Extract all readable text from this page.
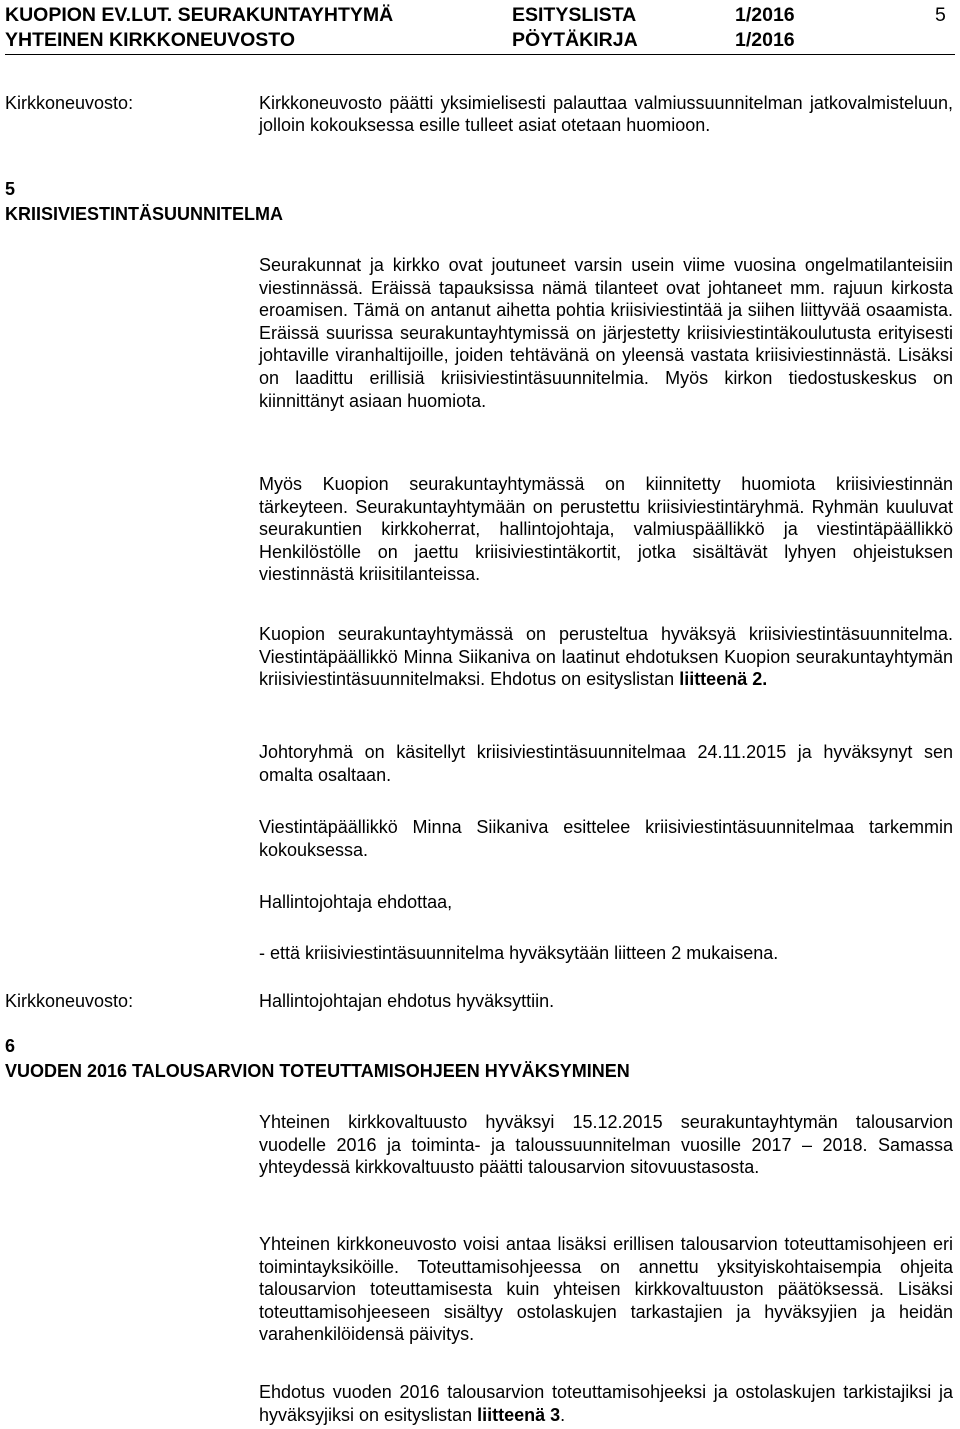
KUOPION EV.LUT. SEURAKUNTAYHTYMÄ
YHTEINEN KIRKKONEUVOSTO
ESITYSLISTA
PÖYTÄKIRJA
1/2016
1/2016
5
Kirkkoneuvosto:	Kirkkoneuvosto päätti yksimielisesti palauttaa valmiussuunnitelman jatkovalmisteluun, jolloin kokouksessa esille tulleet asiat otetaan huomioon.

5
KRIISIVIESTINTÄSUUNNITELMA

Seurakunnat ja kirkko ovat joutuneet varsin usein viime vuosina ongelmatilanteisiin viestinnässä. Eräissä tapauksissa nämä tilanteet ovat johtaneet mm. rajuun kirkosta eroamisen. Tämä on antanut aihetta pohtia kriisiviestintää ja siihen liittyvää osaamista. Eräissä suurissa seurakuntayhtymissä on järjestetty kriisiviestintäkoulutusta erityisesti johtaville viranhaltijoille, joiden tehtävänä on yleensä vastata kriisiviestinnästä. Lisäksi on laadittu erillisiä kriisiviestintäsuunnitelmia. Myös kirkon tiedostuskeskus on kiinnittänyt asiaan huomiota.

Myös Kuopion seurakuntayhtymässä on kiinnitetty huomiota kriisiviestinnän tärkeyteen. Seurakuntayhtymään on perustettu kriisiviestintäryhmä. Ryhmän kuuluvat seurakuntien kirkkoherrat, hallintojohtaja, valmiuspäällikkö ja viestintäpäällikkö Henkilöstölle on jaettu kriisiviestintäkortit, jotka sisältävät lyhyen ohjeistuksen viestinnästä kriisitilanteissa.

Kuopion seurakuntayhtymässä on perusteltua hyväksyä kriisiviestintäsuunnitelma. Viestintäpäällikkö Minna Siikaniva on laatinut ehdotuksen Kuopion seurakuntayhtymän kriisiviestintäsuunnitelmaksi. Ehdotus on esityslistan liitteenä 2.

Johtoryhmä on käsitellyt kriisiviestintäsuunnitelmaa 24.11.2015 ja hyväksynyt sen omalta osaltaan.

Viestintäpäällikkö Minna Siikaniva esittelee kriisiviestintäsuunnitelmaa tarkemmin kokouksessa.

Hallintojohtaja ehdottaa,

- että kriisiviestintäsuunnitelma hyväksytään liitteen 2 mukaisena.

Kirkkoneuvosto:	Hallintojohtajan ehdotus hyväksyttiin.

6
VUODEN 2016 TALOUSARVION TOTEUTTAMISOHJEEN HYVÄKSYMINEN

Yhteinen kirkkovaltuusto hyväksyi 15.12.2015 seurakuntayhtymän talousarvion vuodelle 2016 ja toiminta- ja taloussuunnitelman vuosille 2017 – 2018. Samassa yhteydessä kirkkovaltuusto päätti talousarvion sitovuustasosta.

Yhteinen kirkkoneuvosto voisi antaa lisäksi erillisen talousarvion toteuttamisohjeen eri toimintayksiköille. Toteuttamisohjeessa on annettu yksityiskohtaisempia ohjeita talousarvion toteuttamisesta kuin yhteisen kirkkovaltuuston päätöksessä. Lisäksi toteuttamisohjeeseen sisältyy ostolaskujen tarkastajien ja hyväksyjien ja heidän varahenkilöidensä päivitys.

Ehdotus vuoden 2016 talousarvion toteuttamisohjeeksi ja ostolaskujen tarkistajiksi ja hyväksyjiksi on esityslistan liitteenä 3.
